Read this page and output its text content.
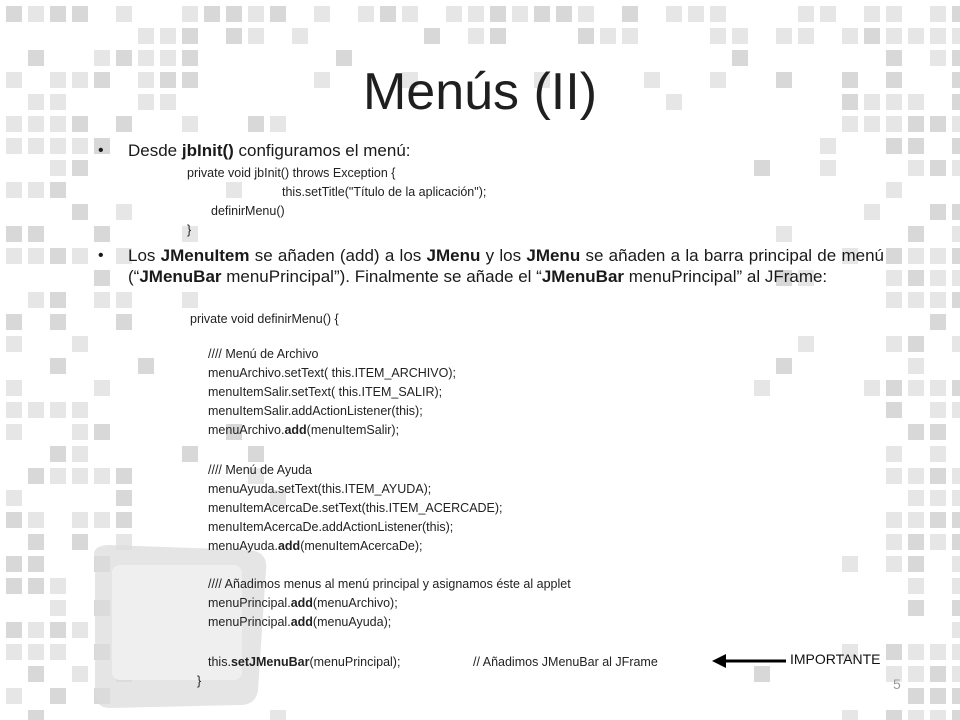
Menús (II)
• Desde jbInit() configuramos el menú:
private void jbInit() throws Exception {
this.setTitle("Título de la aplicación");
definirMenu()
}
• Los JMenuItem se añaden (add) a los JMenu y los JMenu se añaden a la barra principal de menú (“JMenuBar menuPrincipal”). Finalmente se añade el “JMenuBar menuPrincipal” al JFrame:
private void definirMenu() {
//// Menú de Archivo
menuArchivo.setText( this.ITEM_ARCHIVO);
menuItemSalir.setText( this.ITEM_SALIR);
menuItemSalir.addActionListener(this);
menuArchivo.add(menuItemSalir);
//// Menú de Ayuda
menuAyuda.setText(this.ITEM_AYUDA);
menuItemAcercaDe.setText(this.ITEM_ACERCADE);
menuItemAcercaDe.addActionListener(this);
menuAyuda.add(menuItemAcercaDe);
//// Añadimos menus al menú principal y asignamos éste al applet
menuPrincipal.add(menuArchivo);
menuPrincipal.add(menuAyuda);
this.setJMenuBar(menuPrincipal);	// Añadimos JMenuBar al JFrame
}
IMPORTANTE
5
